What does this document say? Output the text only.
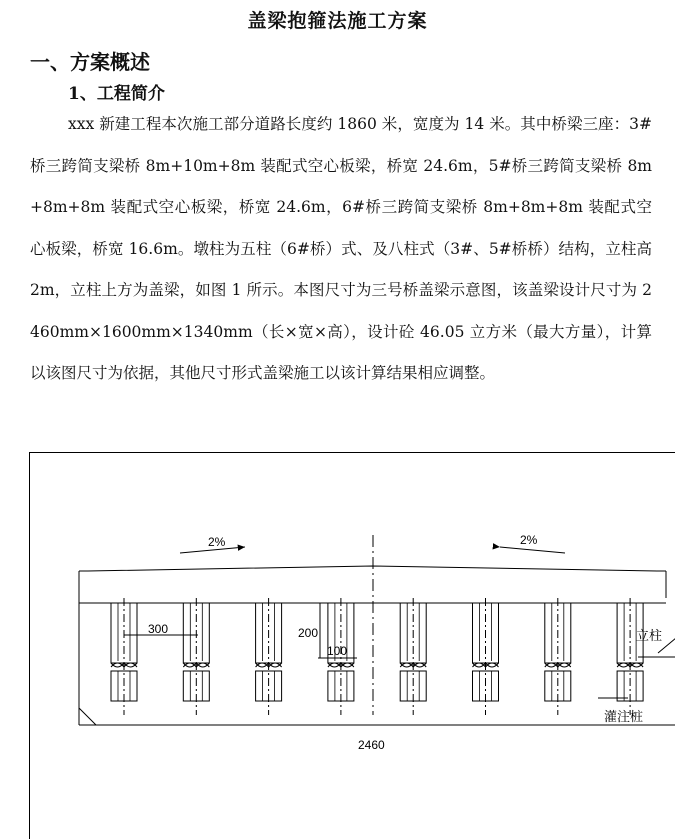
盖梁抱箍法施工方案
一、方案概述
1、工程简介
xxx 新建工程本次施工部分道路长度约 1860 米，宽度为 14 米。其中桥梁三座：3#桥三跨简支梁桥 8m+10m+8m 装配式空心板梁，桥宽 24.6m，5#桥三跨简支梁桥 8m+8m+8m 装配式空心板梁，桥宽 24.6m，6#桥三跨简支梁桥 8m+8m+8m 装配式空心板梁，桥宽 16.6m。墩柱为五柱（6#桥）式、及八柱式（3#、5#桥桥）结构，立柱高 2m，立柱上方为盖梁，如图 1 所示。本图尺寸为三号桥盖梁示意图，该盖梁设计尺寸为 2460mm×1600mm×1340mm（长×宽×高），设计砼 46.05 立方米（最大方量），计算以该图尺寸为依据，其他尺寸形式盖梁施工以该计算结果相应调整。
2%	2%
300	200
100
立柱
灌注桩
2460
